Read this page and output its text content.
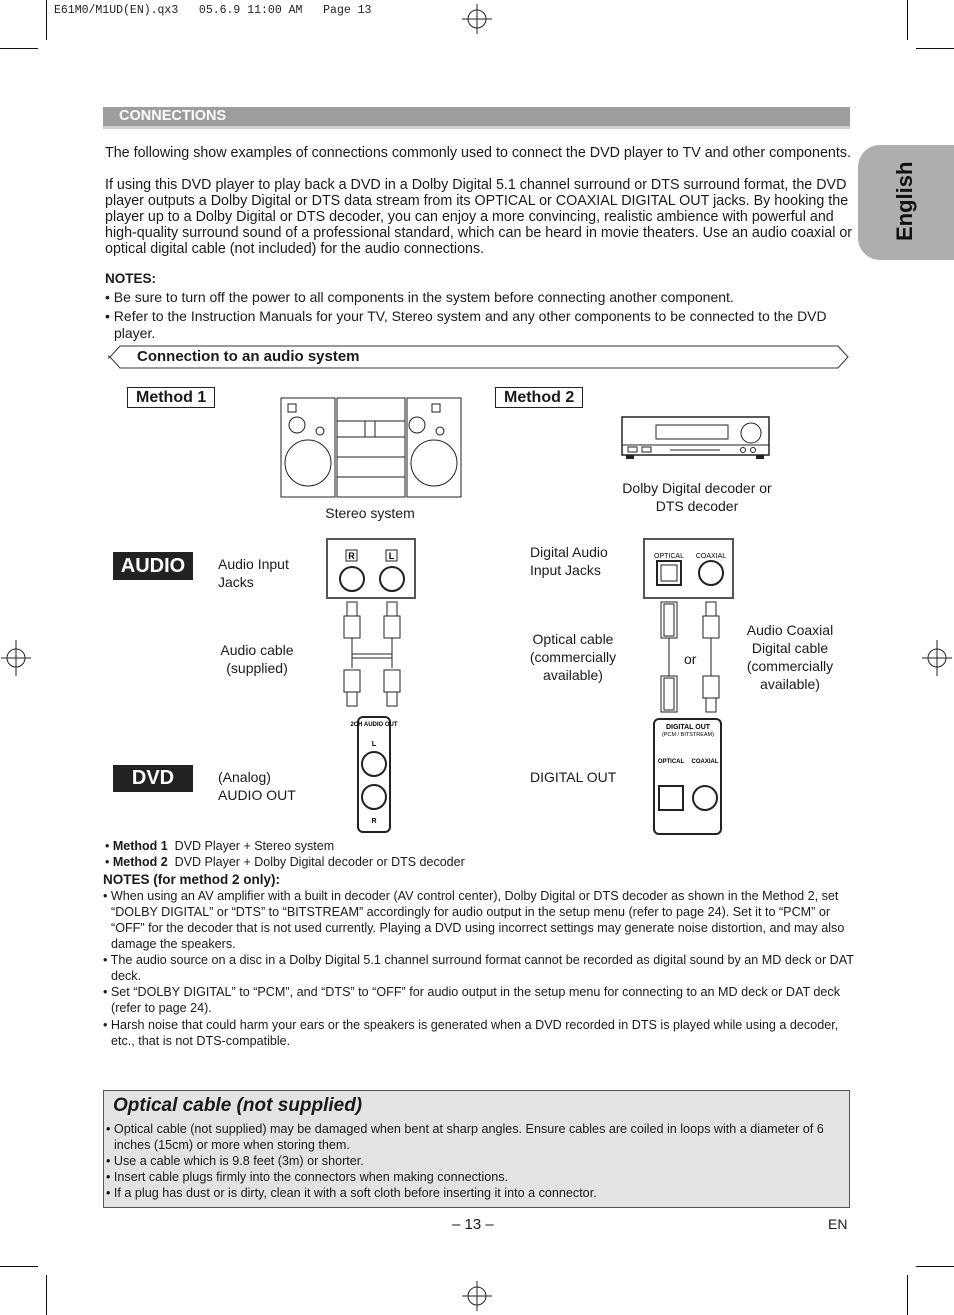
E61M0/M1UD(EN).qx3   05.6.9 11:00 AM   Page 13
CONNECTIONS
English
The following show examples of connections commonly used to connect the DVD player to TV and other components.
If using this DVD player to play back a DVD in a Dolby Digital 5.1 channel surround or DTS surround format, the DVD player outputs a Dolby Digital or DTS data stream from its OPTICAL or COAXIAL DIGITAL OUT jacks. By hooking the player up to a Dolby Digital or DTS decoder, you can enjoy a more convincing, realistic ambience with powerful and high-quality surround sound of a professional standard, which can be heard in movie theaters. Use an audio coaxial or optical digital cable (not included) for the audio connections.
NOTES:
• Be sure to turn off the power to all components in the system before connecting another component.
• Refer to the Instruction Manuals for your TV, Stereo system and any other components to be connected to the DVD player.
Connection to an audio system
Method 1	Method 2
AUDIO
DVD
Stereo system
Audio Input Jacks
Audio cable (supplied)
(Analog) AUDIO OUT
R	L
2CH AUDIO OUT
L
R
Dolby Digital decoder or DTS decoder
Digital Audio Input Jacks
Optical cable (commercially available)
or
Audio Coaxial Digital cable (commercially available)
DIGITAL OUT
OPTICAL COAXIAL
DIGITAL OUT
(PCM / BITSTREAM)
OPTICAL COAXIAL
• Method 1 DVD Player + Stereo system
• Method 2 DVD Player + Dolby Digital decoder or DTS decoder
NOTES (for method 2 only):
• When using an AV amplifier with a built in decoder (AV control center), Dolby Digital or DTS decoder as shown in the Method 2, set “DOLBY DIGITAL” or “DTS” to “BITSTREAM” accordingly for audio output in the setup menu (refer to page 24). Set it to “PCM” or “OFF” for the decoder that is not used currently. Playing a DVD using incorrect settings may generate noise distortion, and may also damage the speakers.
• The audio source on a disc in a Dolby Digital 5.1 channel surround format cannot be recorded as digital sound by an MD deck or DAT deck.
• Set “DOLBY DIGITAL” to “PCM”, and “DTS” to “OFF” for audio output in the setup menu for connecting to an MD deck or DAT deck (refer to page 24).
• Harsh noise that could harm your ears or the speakers is generated when a DVD recorded in DTS is played while using a decoder, etc., that is not DTS-compatible.
Optical cable (not supplied)
• Optical cable (not supplied) may be damaged when bent at sharp angles. Ensure cables are coiled in loops with a diameter of 6 inches (15cm) or more when storing them.
• Use a cable which is 9.8 feet (3m) or shorter.
• Insert cable plugs firmly into the connectors when making connections.
• If a plug has dust or is dirty, clean it with a soft cloth before inserting it into a connector.
– 13 –	EN
